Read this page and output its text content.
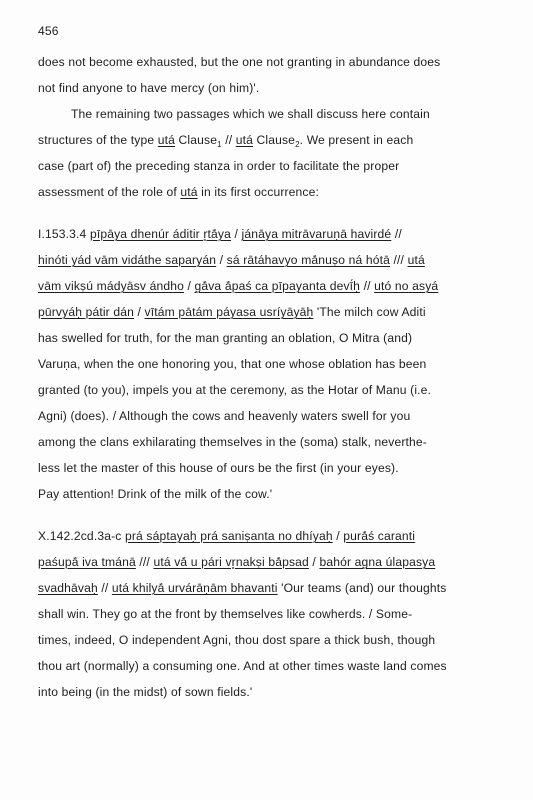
456
does not become exhausted, but the one not granting in abundance does
not find anyone to have mercy (on him)'.
The remaining two passages which we shall discuss here contain
structures of the type utá Clause$_1$ // utá Clause$_2$. We present in each
case (part of) the preceding stanza in order to facilitate the proper
assessment of the role of utá in its first occurrence:
I.153.3.4 pīpāya dhenúr áditir r̥tā́ya / jánāya mitrāvaruṇā havirdé //
hinóti yád vām vidáthe saparyán / sá rātáhavyo mā́nuṣo ná hótā /// utá
vām vikṣú mádyāsv ándho / gā́va ā́paś ca pīpayanta devī́ḥ // utó no asyá
pūrvyáḥ pátir dán / vītám pātám páyasa usríyāyāḥ 'The milch cow Aditi
has swelled for truth, for the man granting an oblation, O Mitra (and)
Varuṇa, when the one honoring you, that one whose oblation has been
granted (to you), impels you at the ceremony, as the Hotar of Manu (i.e.
Agni) (does). / Although the cows and heavenly waters swell for you
among the clans exhilarating themselves in the (soma) stalk, neverthe-
less let the master of this house of ours be the first (in your eyes).
Pay attention! Drink of the milk of the cow.'
X.142.2cd.3a-c prá sáptayaḥ prá saniṣanta no dhíyaḥ / purā́ś caranti
paśupā́ iva tmánā /// utá vā́ u pári vr̥nakṣi bā́psad / bahór agna úlapasya
svadhāvaḥ // utá khilyā́ urvárāṇām bhavanti 'Our teams (and) our thoughts
shall win. They go at the front by themselves like cowherds. / Some-
times, indeed, O independent Agni, thou dost spare a thick bush, though
thou art (normally) a consuming one. And at other times waste land comes
into being (in the midst) of sown fields.'
